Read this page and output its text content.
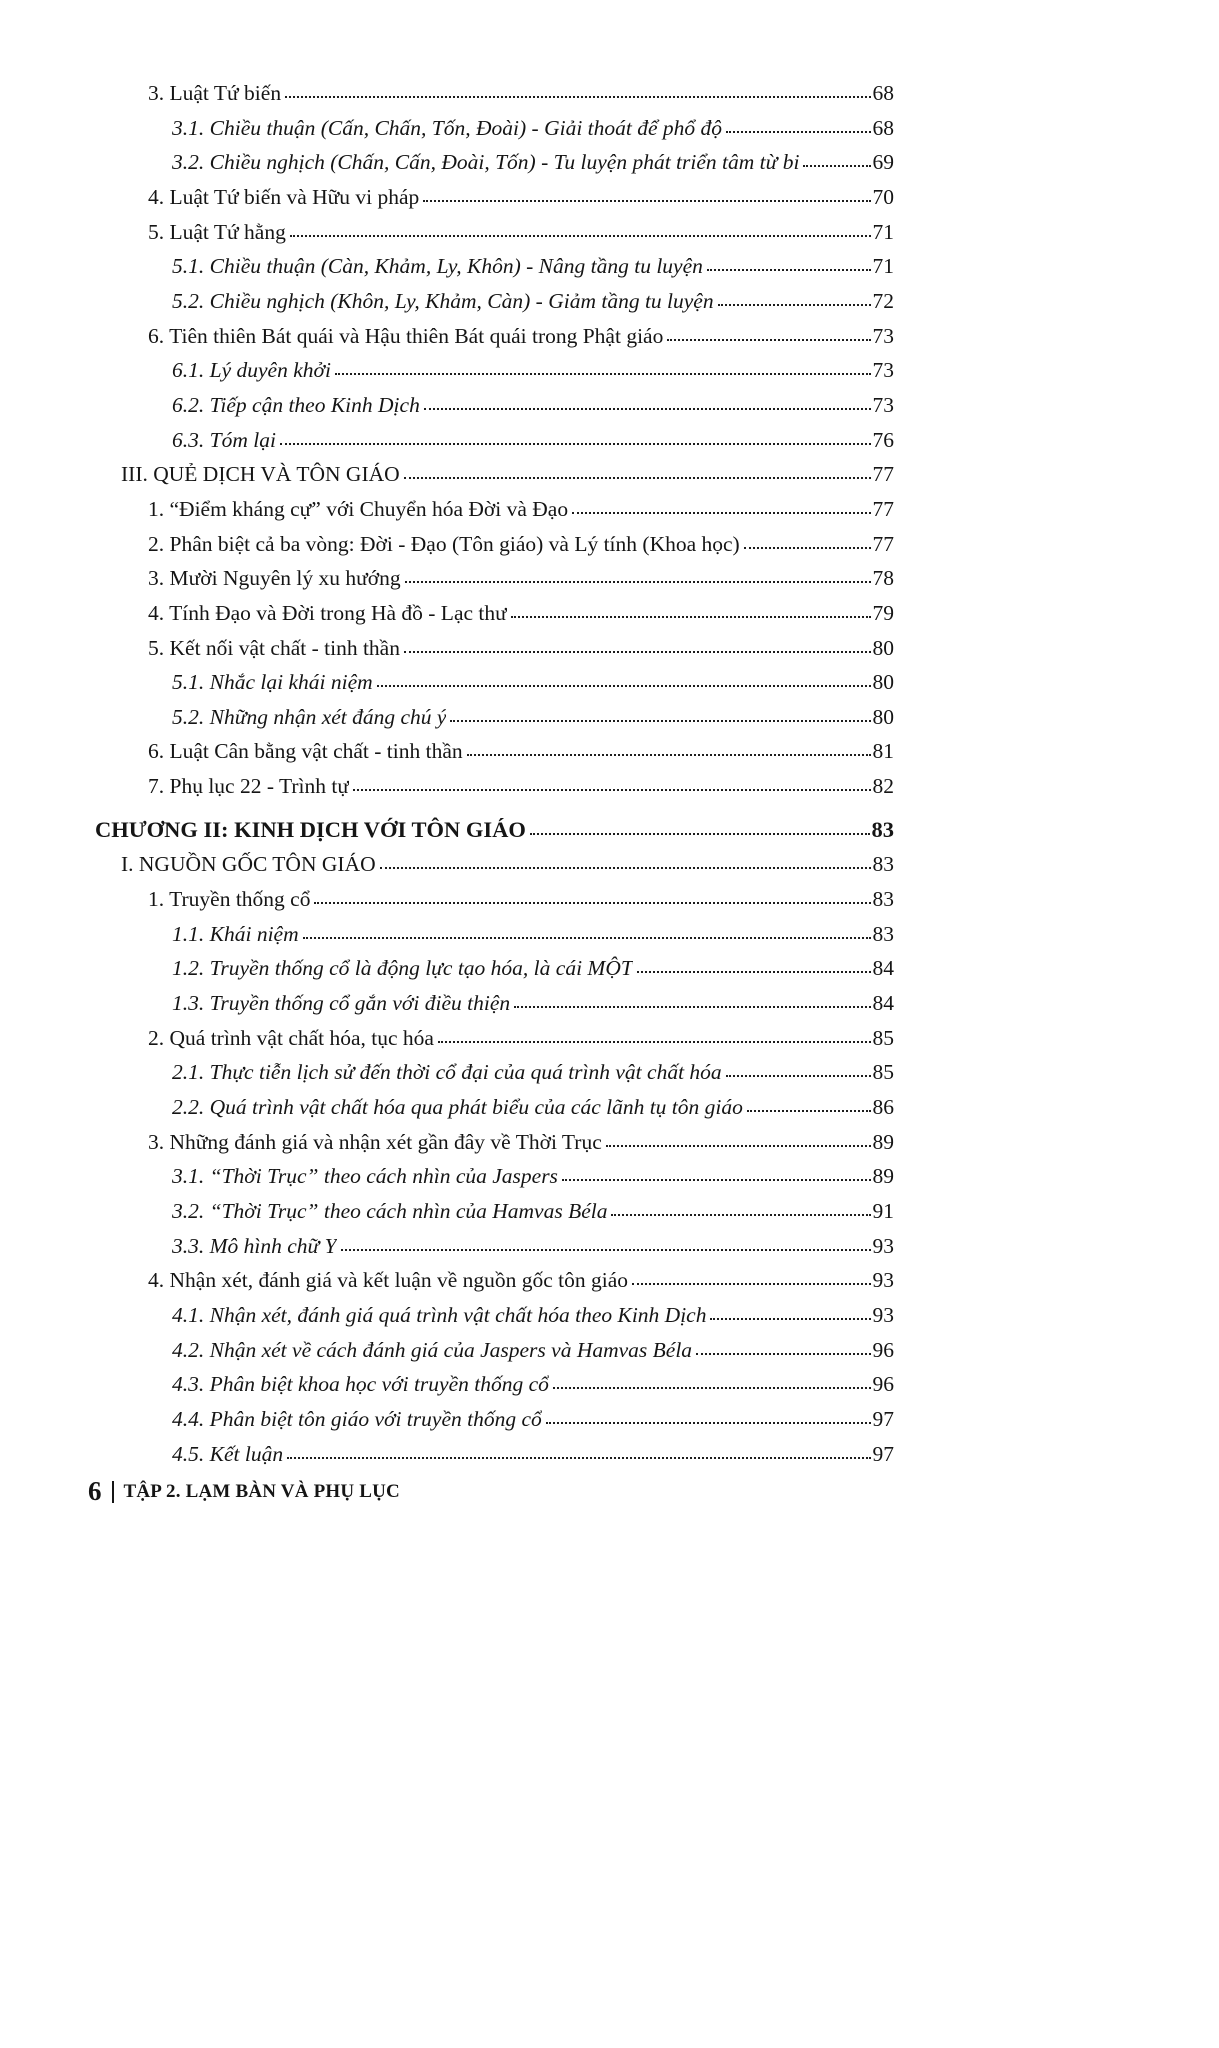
3. Luật Tứ biến	68
3.1. Chiều thuận (Cấn, Chấn, Tốn, Đoài) - Giải thoát để phổ độ	68
3.2. Chiều nghịch (Chấn, Cấn, Đoài, Tốn) - Tu luyện phát triển tâm từ bi	69
4. Luật Tứ biến và Hữu vi pháp	70
5. Luật Tứ hằng	71
5.1. Chiều thuận (Càn, Khảm, Ly, Khôn) - Nâng tầng tu luyện	71
5.2. Chiều nghịch (Khôn, Ly, Khảm, Càn) - Giảm tầng tu luyện	72
6. Tiên thiên Bát quái và Hậu thiên Bát quái trong Phật giáo	73
6.1. Lý duyên khởi	73
6.2. Tiếp cận theo Kinh Dịch	73
6.3. Tóm lại	76
III. QUẺ DỊCH VÀ TÔN GIÁO	77
1. “Điểm kháng cự” với Chuyển hóa Đời và Đạo	77
2. Phân biệt cả ba vòng: Đời - Đạo (Tôn giáo) và Lý tính (Khoa học)	77
3. Mười Nguyên lý xu hướng	78
4. Tính Đạo và Đời trong Hà đồ - Lạc thư	79
5. Kết nối vật chất - tinh thần	80
5.1. Nhắc lại khái niệm	80
5.2. Những nhận xét đáng chú ý	80
6. Luật Cân bằng vật chất - tinh thần	81
7. Phụ lục 22 - Trình tự	82
CHƯƠNG II: KINH DỊCH VỚI TÔN GIÁO	83
I. NGUỒN GỐC TÔN GIÁO	83
1. Truyền thống cổ	83
1.1. Khái niệm	83
1.2. Truyền thống cổ là động lực tạo hóa, là cái MỘT	84
1.3. Truyền thống cổ gắn với điều thiện	84
2. Quá trình vật chất hóa, tục hóa	85
2.1. Thực tiễn lịch sử đến thời cổ đại của quá trình vật chất hóa	85
2.2. Quá trình vật chất hóa qua phát biểu của các lãnh tụ tôn giáo	86
3. Những đánh giá và nhận xét gần đây về Thời Trục	89
3.1. “Thời Trục” theo cách nhìn của Jaspers	89
3.2. “Thời Trục” theo cách nhìn của Hamvas Béla	91
3.3. Mô hình chữ Y	93
4. Nhận xét, đánh giá và kết luận về nguồn gốc tôn giáo	93
4.1. Nhận xét, đánh giá quá trình vật chất hóa theo Kinh Dịch	93
4.2. Nhận xét về cách đánh giá của Jaspers và Hamvas Béla	96
4.3. Phân biệt khoa học với truyền thống cổ	96
4.4. Phân biệt tôn giáo với truyền thống cổ	97
4.5. Kết luận	97
6 TẬP 2. LẠM BÀN VÀ PHỤ LỤC
